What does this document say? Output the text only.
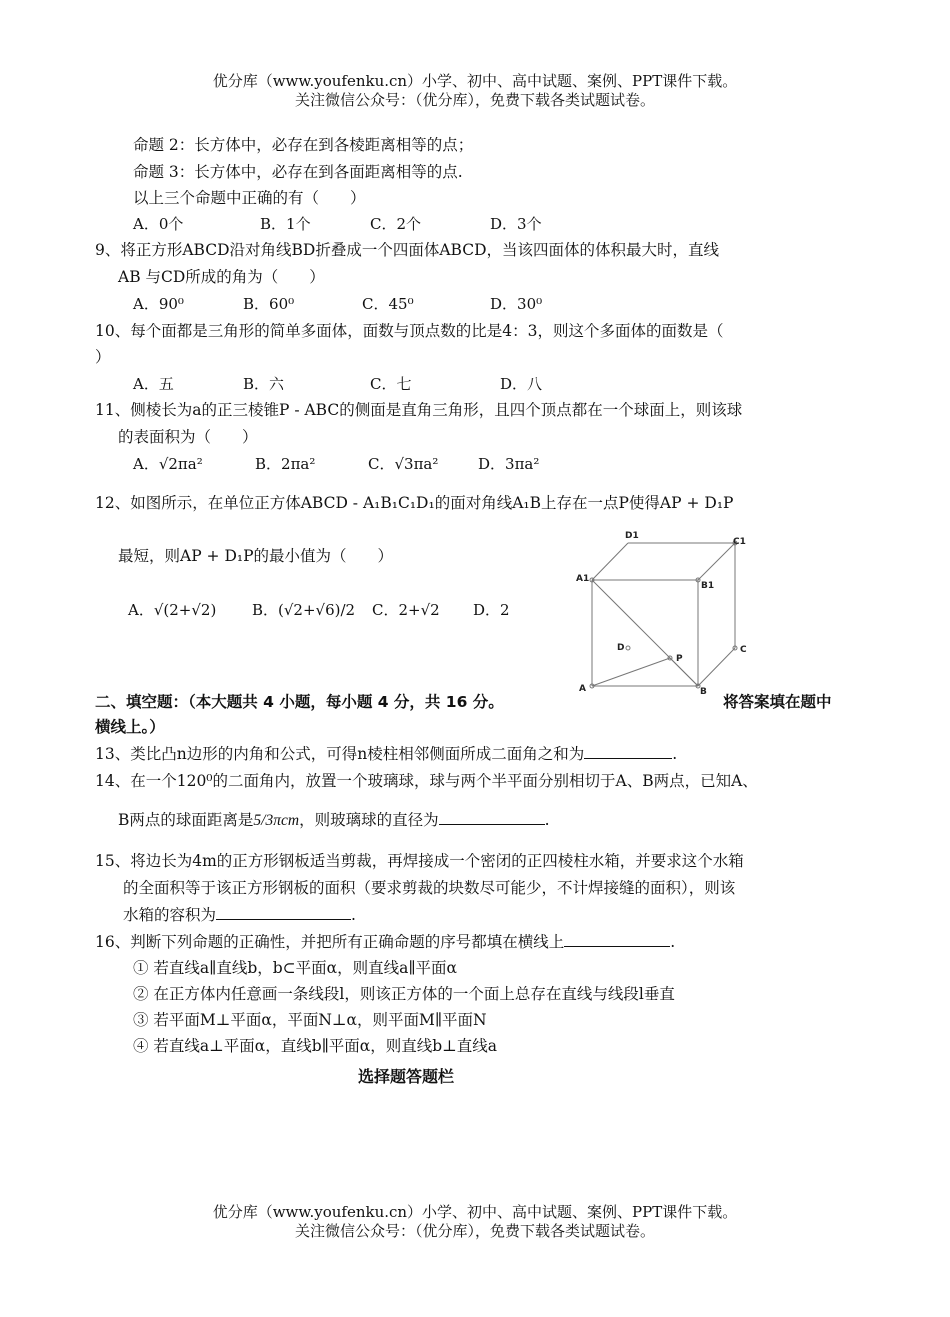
优分库（www.youfenku.cn）小学、初中、高中试题、案例、PPT课件下载。
关注微信公众号：（优分库），免费下载各类试题试卷。
命题 2：长方体中，必存在到各棱距离相等的点；
命题 3：长方体中，必存在到各面距离相等的点.
以上三个命题中正确的有（　　）
A．0个	B．1个	C．2个	D．3个
9、将正方形ABCD沿对角线BD折叠成一个四面体ABCD，当该四面体的体积最大时，直线
AB 与CD所成的角为（　　）
A．90⁰	B．60⁰	C．45⁰	D．30⁰
10、每个面都是三角形的简单多面体，面数与顶点数的比是4：3，则这个多面体的面数是（
）
A．五	B．六	C．七	D．八
11、侧棱长为a的正三棱锥P - ABC的侧面是直角三角形，且四个顶点都在一个球面上，则该球
的表面积为（　　）
A．√2πa²	B．2πa²	C．√3πa²	D．3πa²
12、如图所示，在单位正方体ABCD - A₁B₁C₁D₁的面对角线A₁B上存在一点P使得AP + D₁P
最短，则AP + D₁P的最小值为（　　）
A．√(2+√2) B．(√2+√6)/2 C．2+√2 D．2
D1
C1
A1
B1
D
P
C
A	B
二、填空题：（本大题共 4 小题，每小题 4 分，共 16 分。	将答案填在题中
横线上。）
13、类比凸n边形的内角和公式，可得n棱柱相邻侧面所成二面角之和为	.
14、在一个120⁰的二面角内，放置一个玻璃球，球与两个半平面分别相切于A、B两点，已知A、
B两点的球面距离是5/3πcm，则玻璃球的直径为	.
15、将边长为4m的正方形钢板适当剪裁，再焊接成一个密闭的正四棱柱水箱，并要求这个水箱
的全面积等于该正方形钢板的面积（要求剪裁的块数尽可能少，不计焊接缝的面积），则该
水箱的容积为	.
16、判断下列命题的正确性，并把所有正确命题的序号都填在横线上	.
① 若直线a∥直线b，b⊂平面α，则直线a∥平面α
② 在正方体内任意画一条线段l，则该正方体的一个面上总存在直线与线段l垂直
③ 若平面M⊥平面α，平面N⊥α，则平面M∥平面N
④ 若直线a⊥平面α，直线b∥平面α，则直线b⊥直线a
选择题答题栏
优分库（www.youfenku.cn）小学、初中、高中试题、案例、PPT课件下载。
关注微信公众号：（优分库），免费下载各类试题试卷。
